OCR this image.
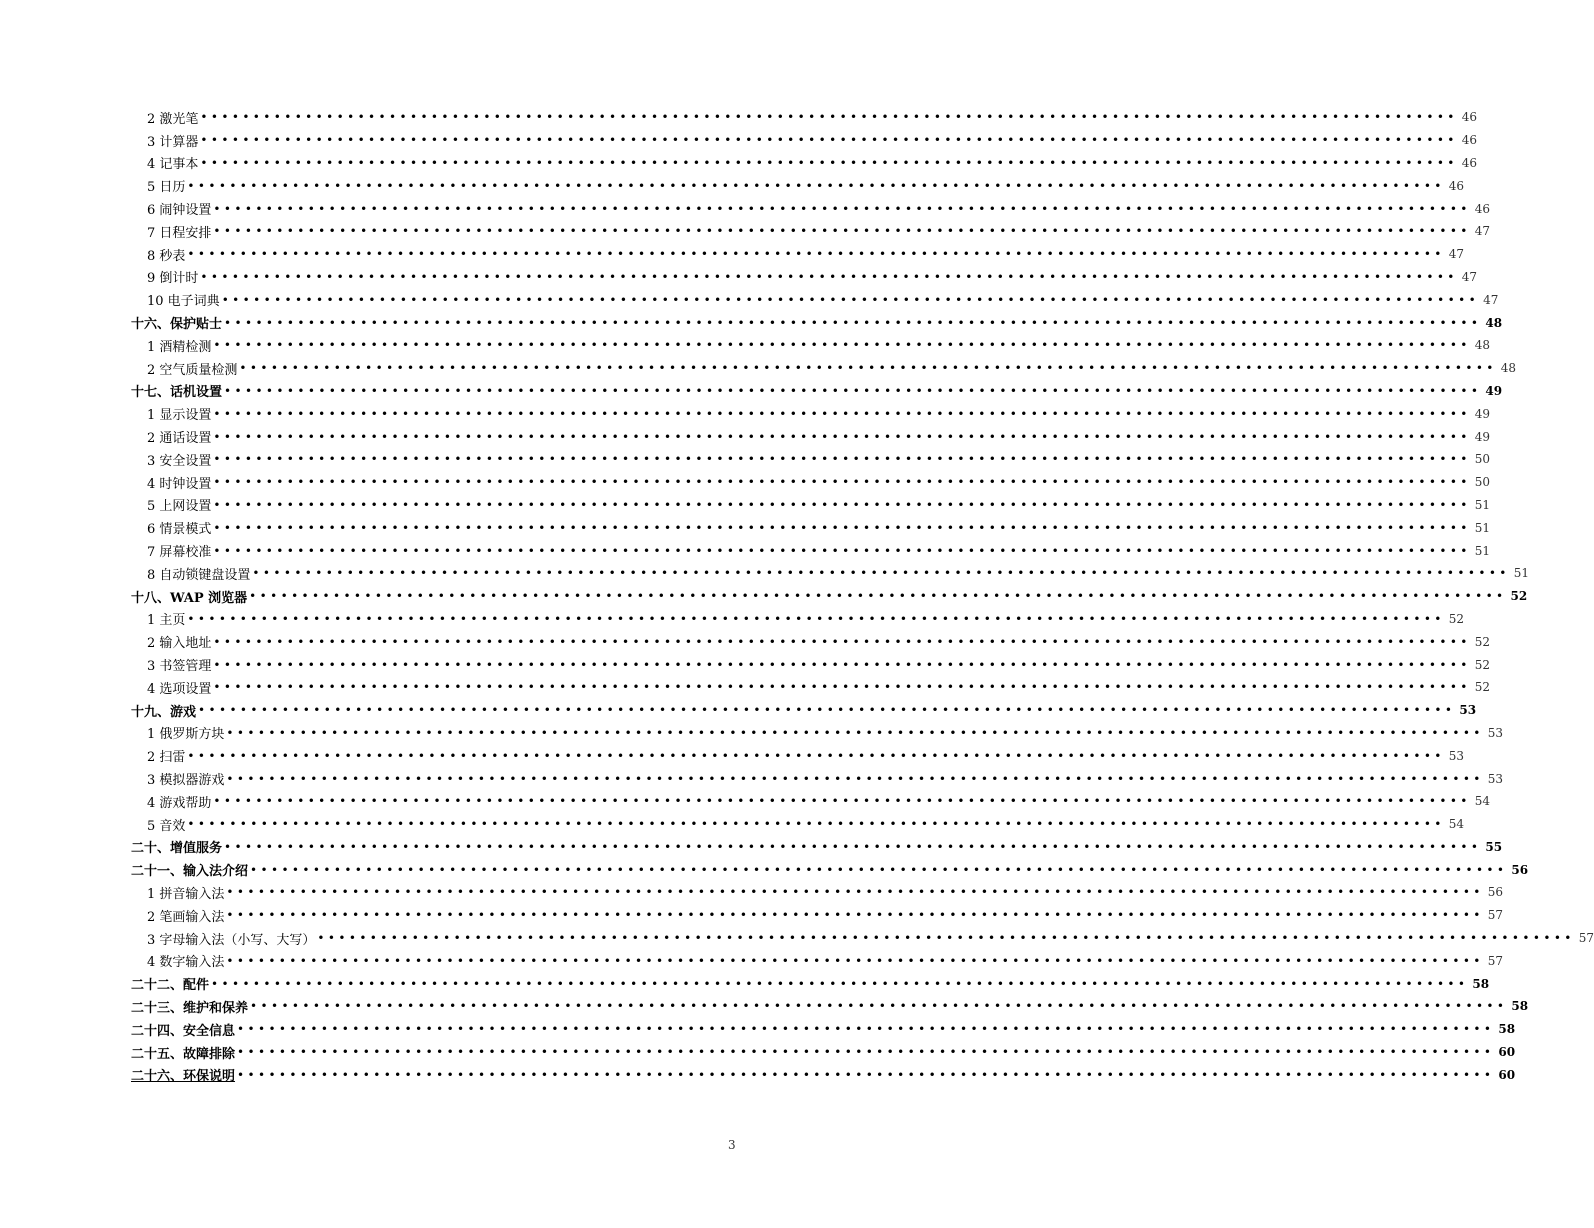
2 激光笔 •••••••••••••••••••••••••••••••••••••••••••••••••••••••••••••••••••••••••••••••••••••••••••••••••••••••••••••••••••••••• 46
3 计算器 •••••••••••••••••••••••••••••••••••••••••••••••••••••••••••••••••••••••••••••••••••••••••••••••••••••••••••••••••••••••• 46
4 记事本 •••••••••••••••••••••••••••••••••••••••••••••••••••••••••••••••••••••••••••••••••••••••••••••••••••••••••••••••••••••••• 46
5 日历 •••••••••••••••••••••••••••••••••••••••••••••••••••••••••••••••••••••••••••••••••••••••••••••••••••••••••••••••••••••••• 46
6 闹钟设置 •••••••••••••••••••••••••••••••••••••••••••••••••••••••••••••••••••••••••••••••••••••••••••••••••••••••••••••••••••••••• 46
7 日程安排 •••••••••••••••••••••••••••••••••••••••••••••••••••••••••••••••••••••••••••••••••••••••••••••••••••••••••••••••••••••••• 47
8 秒表 •••••••••••••••••••••••••••••••••••••••••••••••••••••••••••••••••••••••••••••••••••••••••••••••••••••••••••••••••••••••• 47
9 倒计时 •••••••••••••••••••••••••••••••••••••••••••••••••••••••••••••••••••••••••••••••••••••••••••••••••••••••••••••••••••••••• 47
10 电子词典 •••••••••••••••••••••••••••••••••••••••••••••••••••••••••••••••••••••••••••••••••••••••••••••••••••••••••••••••••••••••• 47
十六、保护贴士 •••••••••••••••••••••••••••••••••••••••••••••••••••••••••••••••••••••••••••••••••••••••••••••••••••••••••••••••••••••••• 48
1 酒精检测 •••••••••••••••••••••••••••••••••••••••••••••••••••••••••••••••••••••••••••••••••••••••••••••••••••••••••••••••••••••••• 48
2 空气质量检测 •••••••••••••••••••••••••••••••••••••••••••••••••••••••••••••••••••••••••••••••••••••••••••••••••••••••••••••••••••••••• 48
十七、话机设置 •••••••••••••••••••••••••••••••••••••••••••••••••••••••••••••••••••••••••••••••••••••••••••••••••••••••••••••••••••••••• 49
1 显示设置 •••••••••••••••••••••••••••••••••••••••••••••••••••••••••••••••••••••••••••••••••••••••••••••••••••••••••••••••••••••••• 49
2 通话设置 •••••••••••••••••••••••••••••••••••••••••••••••••••••••••••••••••••••••••••••••••••••••••••••••••••••••••••••••••••••••• 49
3 安全设置 •••••••••••••••••••••••••••••••••••••••••••••••••••••••••••••••••••••••••••••••••••••••••••••••••••••••••••••••••••••••• 50
4 时钟设置 •••••••••••••••••••••••••••••••••••••••••••••••••••••••••••••••••••••••••••••••••••••••••••••••••••••••••••••••••••••••• 50
5 上网设置 •••••••••••••••••••••••••••••••••••••••••••••••••••••••••••••••••••••••••••••••••••••••••••••••••••••••••••••••••••••••• 51
6 情景模式 •••••••••••••••••••••••••••••••••••••••••••••••••••••••••••••••••••••••••••••••••••••••••••••••••••••••••••••••••••••••• 51
7 屏幕校准 •••••••••••••••••••••••••••••••••••••••••••••••••••••••••••••••••••••••••••••••••••••••••••••••••••••••••••••••••••••••• 51
8 自动锁键盘设置 •••••••••••••••••••••••••••••••••••••••••••••••••••••••••••••••••••••••••••••••••••••••••••••••••••••••••••••••••••••••• 51
十八、WAP 浏览器 •••••••••••••••••••••••••••••••••••••••••••••••••••••••••••••••••••••••••••••••••••••••••••••••••••••••••••••••••••••••• 52
1 主页 •••••••••••••••••••••••••••••••••••••••••••••••••••••••••••••••••••••••••••••••••••••••••••••••••••••••••••••••••••••••• 52
2 输入地址 •••••••••••••••••••••••••••••••••••••••••••••••••••••••••••••••••••••••••••••••••••••••••••••••••••••••••••••••••••••••• 52
3 书签管理 •••••••••••••••••••••••••••••••••••••••••••••••••••••••••••••••••••••••••••••••••••••••••••••••••••••••••••••••••••••••• 52
4 选项设置 •••••••••••••••••••••••••••••••••••••••••••••••••••••••••••••••••••••••••••••••••••••••••••••••••••••••••••••••••••••••• 52
十九、游戏 •••••••••••••••••••••••••••••••••••••••••••••••••••••••••••••••••••••••••••••••••••••••••••••••••••••••••••••••••••••••• 53
1 俄罗斯方块 •••••••••••••••••••••••••••••••••••••••••••••••••••••••••••••••••••••••••••••••••••••••••••••••••••••••••••••••••••••••• 53
2 扫雷 •••••••••••••••••••••••••••••••••••••••••••••••••••••••••••••••••••••••••••••••••••••••••••••••••••••••••••••••••••••••• 53
3 模拟器游戏 •••••••••••••••••••••••••••••••••••••••••••••••••••••••••••••••••••••••••••••••••••••••••••••••••••••••••••••••••••••••• 53
4 游戏帮助 •••••••••••••••••••••••••••••••••••••••••••••••••••••••••••••••••••••••••••••••••••••••••••••••••••••••••••••••••••••••• 54
5 音效 •••••••••••••••••••••••••••••••••••••••••••••••••••••••••••••••••••••••••••••••••••••••••••••••••••••••••••••••••••••••• 54
二十、增值服务 •••••••••••••••••••••••••••••••••••••••••••••••••••••••••••••••••••••••••••••••••••••••••••••••••••••••••••••••••••••••• 55
二十一、输入法介绍 •••••••••••••••••••••••••••••••••••••••••••••••••••••••••••••••••••••••••••••••••••••••••••••••••••••••••••••••••••••••• 56
1 拼音输入法 •••••••••••••••••••••••••••••••••••••••••••••••••••••••••••••••••••••••••••••••••••••••••••••••••••••••••••••••••••••••• 56
2 笔画输入法 •••••••••••••••••••••••••••••••••••••••••••••••••••••••••••••••••••••••••••••••••••••••••••••••••••••••••••••••••••••••• 57
3 字母输入法（小写、大写） •••••••••••••••••••••••••••••••••••••••••••••••••••••••••••••••••••••••••••••••••••••••••••••••••••••••••••••••••••••••• 57
4 数字输入法 •••••••••••••••••••••••••••••••••••••••••••••••••••••••••••••••••••••••••••••••••••••••••••••••••••••••••••••••••••••••• 57
二十二、配件 •••••••••••••••••••••••••••••••••••••••••••••••••••••••••••••••••••••••••••••••••••••••••••••••••••••••••••••••••••••••• 58
二十三、维护和保养 •••••••••••••••••••••••••••••••••••••••••••••••••••••••••••••••••••••••••••••••••••••••••••••••••••••••••••••••••••••••• 58
二十四、安全信息 •••••••••••••••••••••••••••••••••••••••••••••••••••••••••••••••••••••••••••••••••••••••••••••••••••••••••••••••••••••••• 58
二十五、故障排除 •••••••••••••••••••••••••••••••••••••••••••••••••••••••••••••••••••••••••••••••••••••••••••••••••••••••••••••••••••••••• 60
二十六、环保说明 •••••••••••••••••••••••••••••••••••••••••••••••••••••••••••••••••••••••••••••••••••••••••••••••••••••••••••••••••••••••• 60
3
